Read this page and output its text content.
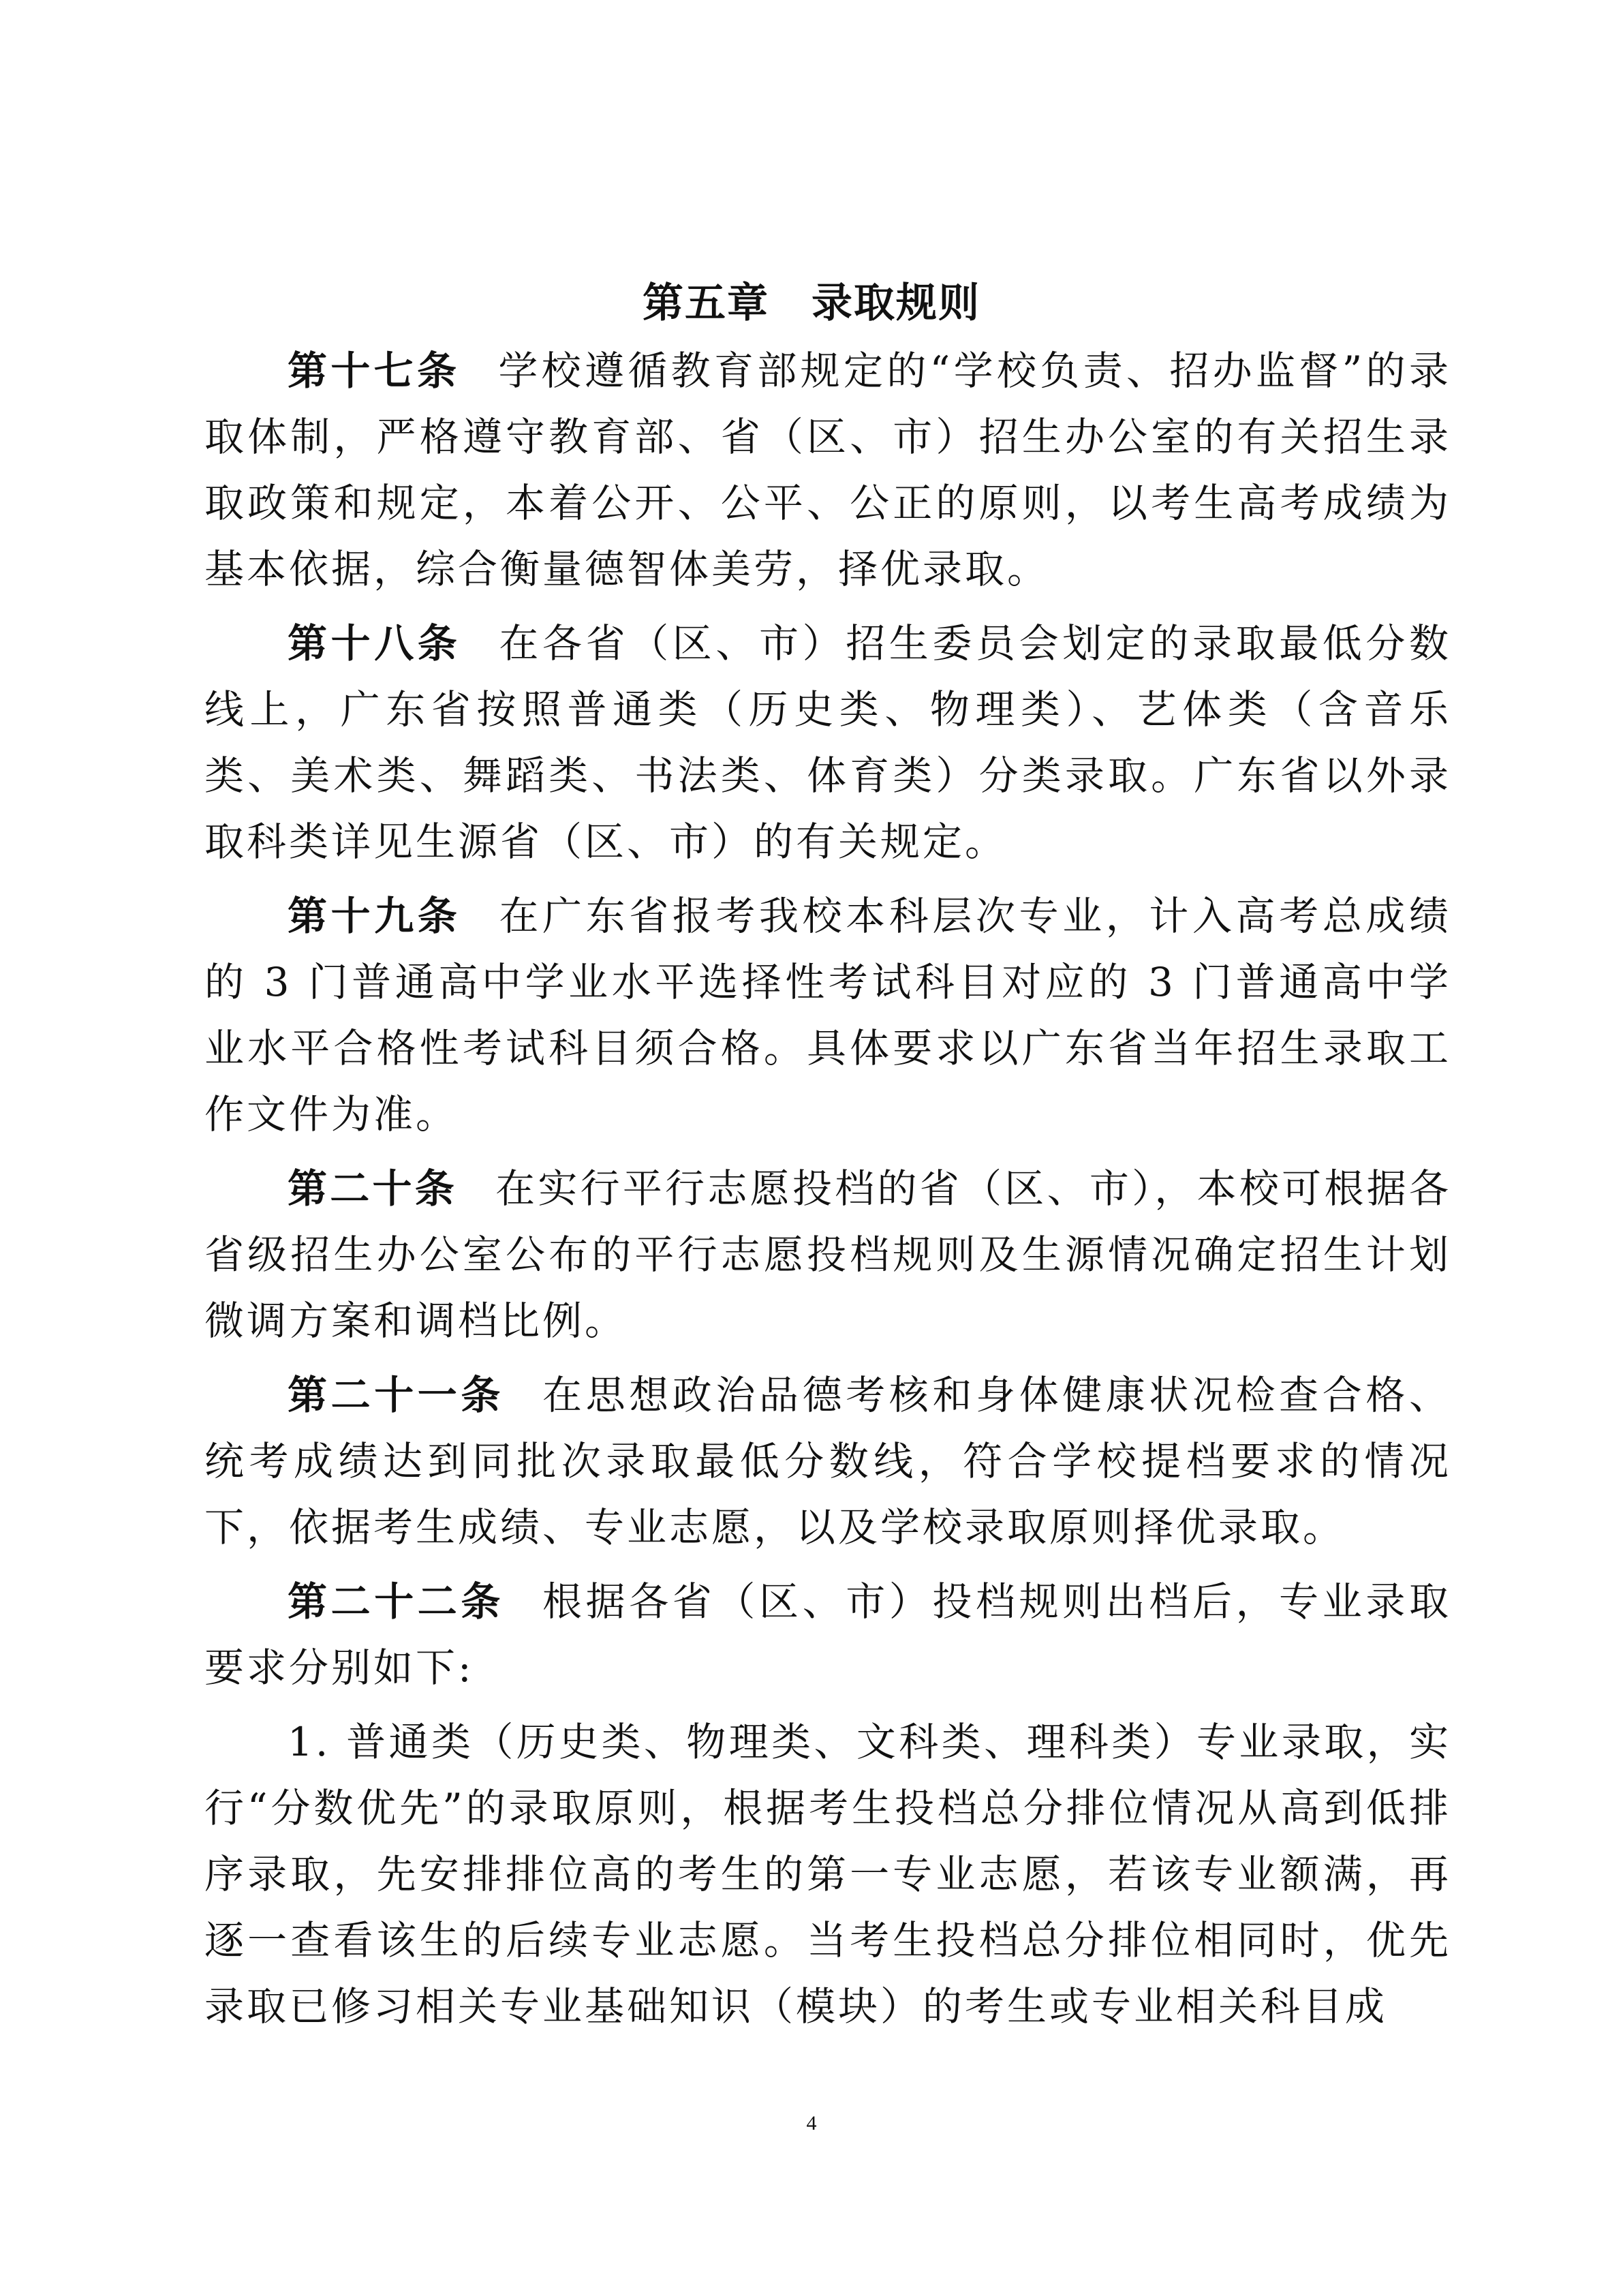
第五章　录取规则

第十七条 学校遵循教育部规定的“学校负责、招办监督”的录取体制，严格遵守教育部、省（区、市）招生办公室的有关招生录取政策和规定，本着公开、公平、公正的原则，以考生高考成绩为基本依据，综合衡量德智体美劳，择优录取。

第十八条 在各省（区、市）招生委员会划定的录取最低分数线上，广东省按照普通类（历史类、物理类）、艺体类（含音乐类、美术类、舞蹈类、书法类、体育类）分类录取。广东省以外录取科类详见生源省（区、市）的有关规定。

第十九条 在广东省报考我校本科层次专业，计入高考总成绩的 3 门普通高中学业水平选择性考试科目对应的 3 门普通高中学业水平合格性考试科目须合格。具体要求以广东省当年招生录取工作文件为准。

第二十条 在实行平行志愿投档的省（区、市），本校可根据各省级招生办公室公布的平行志愿投档规则及生源情况确定招生计划微调方案和调档比例。

第二十一条 在思想政治品德考核和身体健康状况检查合格、统考成绩达到同批次录取最低分数线，符合学校提档要求的情况下，依据考生成绩、专业志愿，以及学校录取原则择优录取。

第二十二条 根据各省（区、市）投档规则出档后，专业录取要求分别如下:

1. 普通类（历史类、物理类、文科类、理科类）专业录取，实行“分数优先”的录取原则，根据考生投档总分排位情况从高到低排序录取，先安排排位高的考生的第一专业志愿，若该专业额满，再逐一查看该生的后续专业志愿。当考生投档总分排位相同时，优先录取已修习相关专业基础知识（模块）的考生或专业相关科目成

4
